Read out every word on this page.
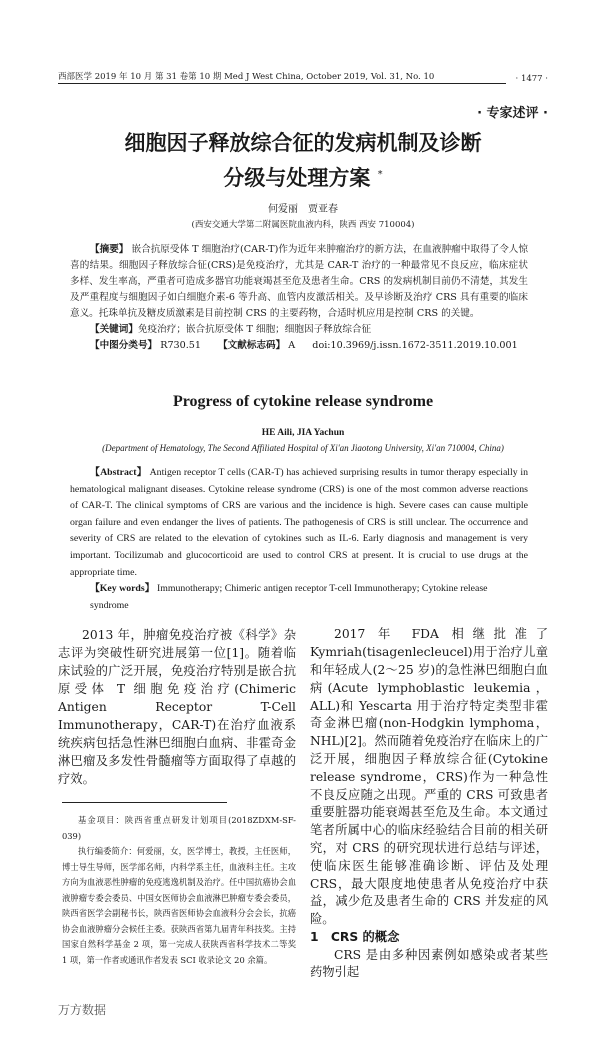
西部医学 2019 年 10 月 第 31 卷第 10 期 Med J West China, October 2019, Vol. 31, No. 10	· 1477 ·
· 专家述评 ·
细胞因子释放综合征的发病机制及诊断
分级与处理方案 *
何爱丽　贾亚春
(西安交通大学第二附属医院血液内科，陕西 西安 710004)
【摘要】 嵌合抗原受体 T 细胞治疗(CAR-T)作为近年来肿瘤治疗的新方法，在血液肿瘤中取得了令人惊喜的结果。细胞因子释放综合征(CRS)是免疫治疗，尤其是 CAR-T 治疗的一种最常见不良反应，临床症状多样、发生率高，严重者可造成多器官功能衰竭甚至危及患者生命。CRS 的发病机制目前仍不清楚，其发生及严重程度与细胞因子如白细胞介素-6 等升高、血管内皮激活相关。及早诊断及治疗 CRS 具有重要的临床意义。托珠单抗及糖皮质激素是目前控制 CRS 的主要药物，合适时机应用是控制 CRS 的关键。
【关键词】免疫治疗；嵌合抗原受体 T 细胞；细胞因子释放综合征
【中图分类号】 R730.51 【文献标志码】 A doi:10.3969/j.issn.1672-3511.2019.10.001
Progress of cytokine release syndrome
HE Aili, JIA Yachun
(Department of Hematology, The Second Affiliated Hospital of Xi'an Jiaotong University, Xi'an 710004, China)
【Abstract】 Antigen receptor T cells (CAR-T) has achieved surprising results in tumor therapy especially in hematological malignant diseases. Cytokine release syndrome (CRS) is one of the most common adverse reactions of CAR-T. The clinical symptoms of CRS are various and the incidence is high. Severe cases can cause multiple organ failure and even endanger the lives of patients. The pathogenesis of CRS is still unclear. The occurrence and severity of CRS are related to the elevation of cytokines such as IL-6. Early diagnosis and management is very important. Tocilizumab and glucocorticoid are used to control CRS at present. It is crucial to use drugs at the appropriate time.
【Key words】 Immunotherapy; Chimeric antigen receptor T-cell Immunotherapy; Cytokine release syndrome

2013 年，肿瘤免疫治疗被《科学》杂志评为突破性研究进展第一位[1]。随着临床试验的广泛开展，免疫治疗特别是嵌合抗原受体 T 细胞免疫治疗(Chimeric Antigen Receptor T-Cell Immunotherapy，CAR-T)在治疗血液系统疾病包括急性淋巴细胞白血病、非霍奇金淋巴瘤及多发性骨髓瘤等方面取得了卓越的疗效。

基金项目：陕西省重点研发计划项目(2018ZDXM-SF-039)

执行编委简介：何爱丽，女，医学博士，教授，主任医师，博士导生导师，医学部名师，内科学系主任，血液科主任。主攻方向为血液恶性肿瘤的免疫逃逸机制及治疗。任中国抗癌协会血液肿瘤专委会委员、中国女医师协会血液淋巴肿瘤专委会委员，陕西省医学会副秘书长，陕西省医师协会血液科分会会长，抗癌协会血液肿瘤分会候任主委。获陕西省第九届青年科技奖。主持国家自然科学基金 2 项，第一完成人获陕西省科学技术二等奖 1 项，第一作者或通讯作者发表 SCI 收录论文 20 余篇。

2017 年 FDA 相继批准了 Kymriah(tisagenlecleucel)用于治疗儿童和年轻成人(2～25 岁)的急性淋巴细胞白血病(Acute lymphoblastic leukemia，ALL)和 Yescarta 用于治疗特定类型非霍奇金淋巴瘤(non-Hodgkin lymphoma，NHL)[2]。然而随着免疫治疗在临床上的广泛开展，细胞因子释放综合征(Cytokine release syndrome，CRS)作为一种急性不良反应随之出现。严重的 CRS 可致患者重要脏器功能衰竭甚至危及生命。本文通过笔者所属中心的临床经验结合目前的相关研究，对 CRS 的研究现状进行总结与评述，使临床医生能够准确诊断、评估及处理 CRS，最大限度地使患者从免疫治疗中获益，减少危及患者生命的 CRS 并发症的风险。

1　CRS 的概念

CRS 是由多种因素例如感染或者某些药物引起

万方数据
